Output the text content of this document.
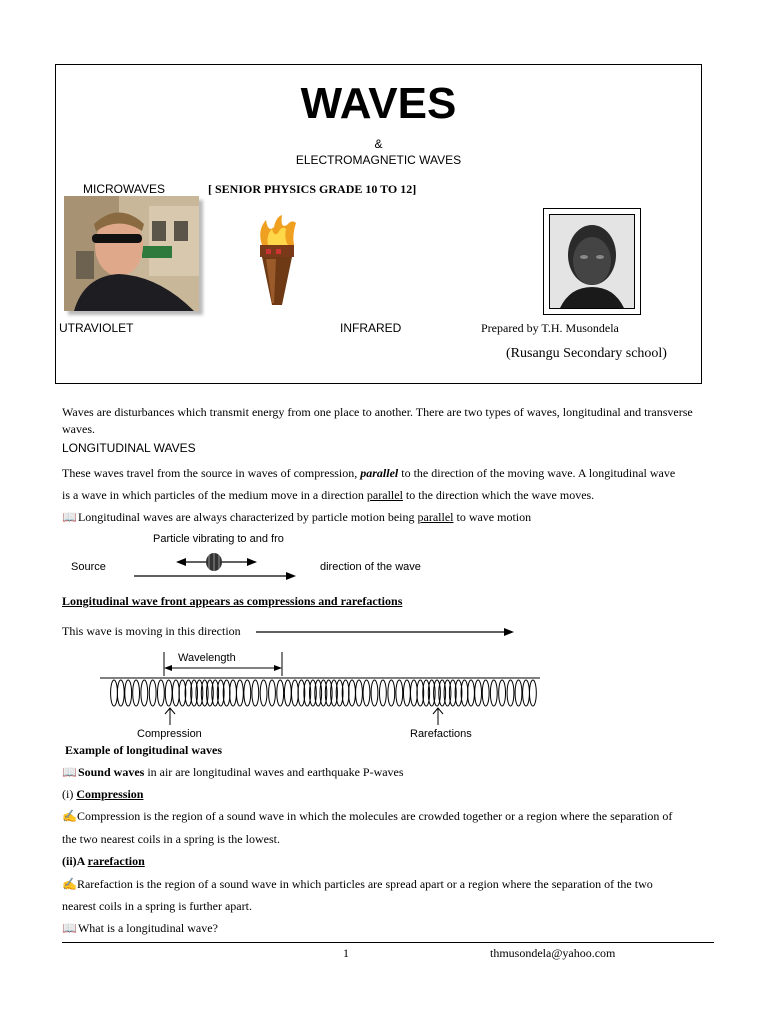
WAVES
&
ELECTROMAGNETIC WAVES
MICROWAVES	[ SENIOR PHYSICS GRADE 10 TO 12]
UTRAVIOLET	INFRARED	Prepared by T.H. Musondela
(Rusangu Secondary school)
Waves are disturbances which transmit energy from one place to another. There are two types of waves, longitudinal and transverse waves.
LONGITUDINAL WAVES
These waves travel from the source in waves of compression, parallel to the direction of the moving wave. A longitudinal wave
is a wave in which particles of the medium move in a direction parallel to the direction which the wave moves.
📖Longitudinal waves are always characterized by particle motion being parallel to wave motion
Particle vibrating to and fro
Source	direction of the wave
Longitudinal wave front appears as compressions and rarefactions
This wave is moving in this direction
Wavelength
Compression	Rarefactions
Example of longitudinal waves
📖Sound waves in air are longitudinal waves and earthquake P-waves
(i) Compression
✍Compression is the region of a sound wave in which the molecules are crowded together or a region where the separation of
the two nearest coils in a spring is the lowest.
(ii)A rarefaction
✍Rarefaction is the region of a sound wave in which particles are spread apart or a region where the separation of the two
nearest coils in a spring is further apart.
📖What is a longitudinal wave?
1	thmusondela@yahoo.com
